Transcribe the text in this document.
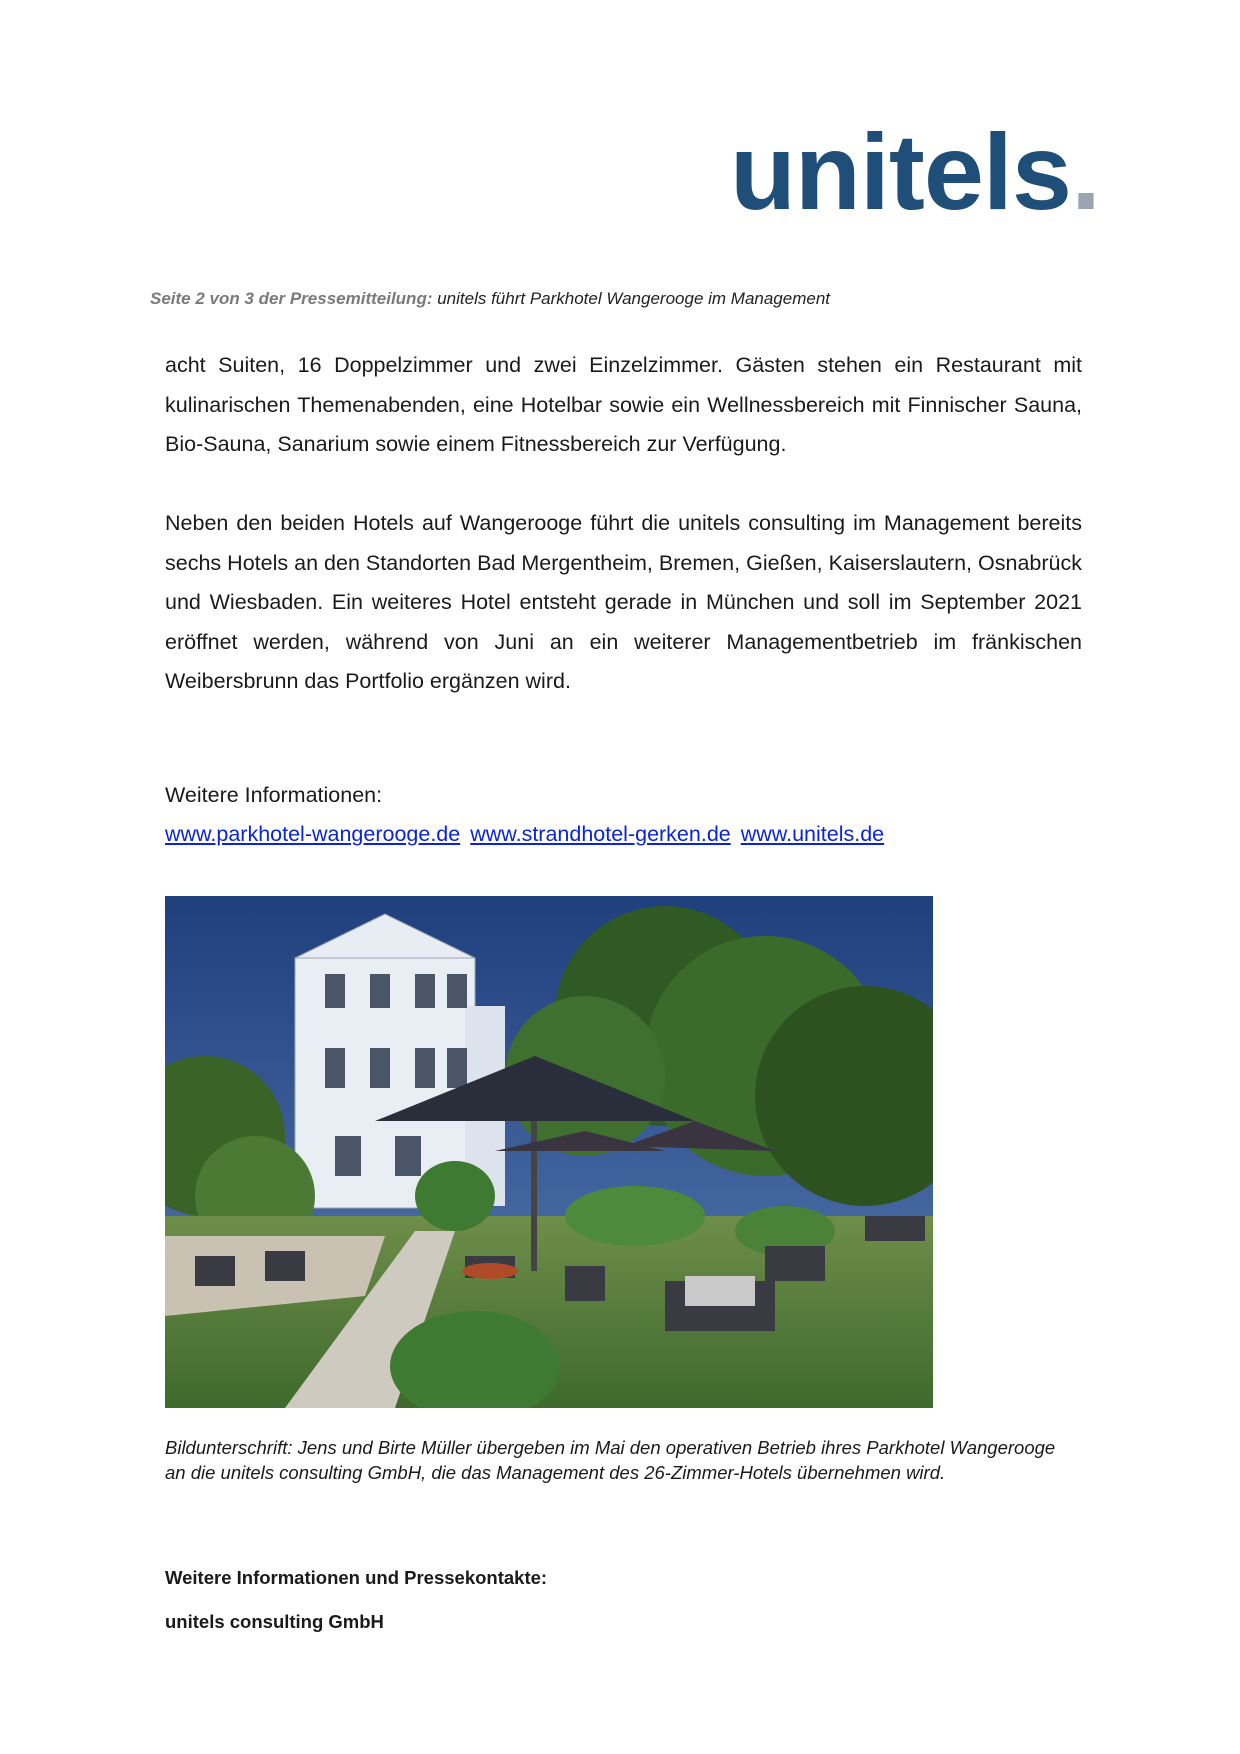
unitels.
Seite 2 von 3 der Pressemitteilung: unitels führt Parkhotel Wangerooge im Management
acht Suiten, 16 Doppelzimmer und zwei Einzelzimmer. Gästen stehen ein Restaurant mit kulinarischen Themenabenden, eine Hotelbar sowie ein Wellnessbereich mit Finnischer Sauna, Bio-Sauna, Sanarium sowie einem Fitnessbereich zur Verfügung.
Neben den beiden Hotels auf Wangerooge führt die unitels consulting im Management bereits sechs Hotels an den Standorten Bad Mergentheim, Bremen, Gießen, Kaiserslautern, Osnabrück und Wiesbaden. Ein weiteres Hotel entsteht gerade in München und soll im September 2021 eröffnet werden, während von Juni an ein weiterer Managementbetrieb im fränkischen Weibersbrunn das Portfolio ergänzen wird.
Weitere Informationen:
www.parkhotel-wangerooge.de www.strandhotel-gerken.de www.unitels.de
Bildunterschrift: Jens und Birte Müller übergeben im Mai den operativen Betrieb ihres Parkhotel Wangerooge an die unitels consulting GmbH, die das Management des 26-Zimmer-Hotels übernehmen wird.
Weitere Informationen und Pressekontakte:
unitels consulting GmbH
